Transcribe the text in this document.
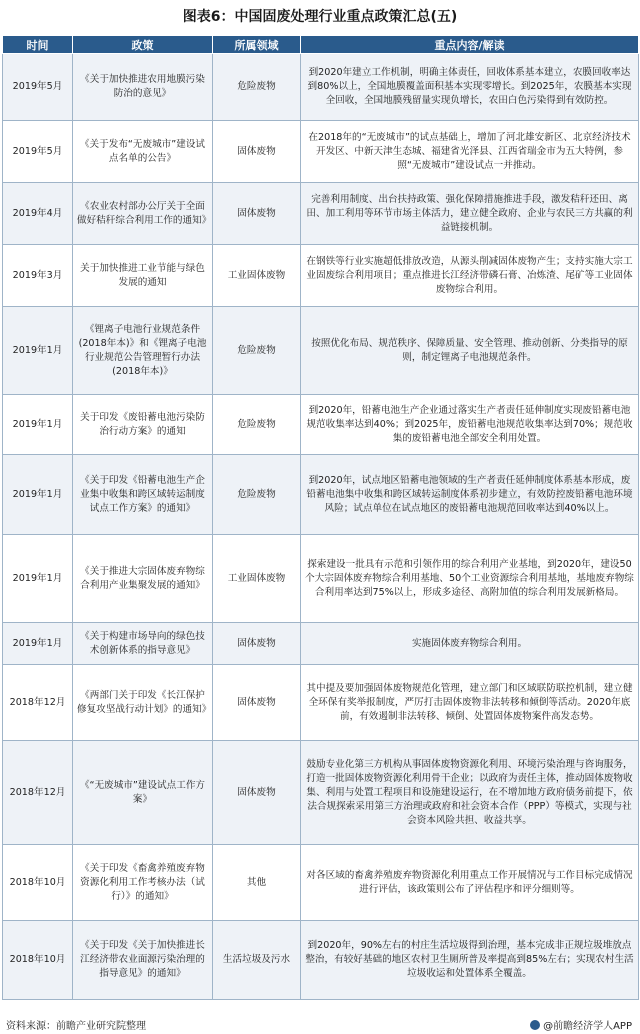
图表6：中国固废处理行业重点政策汇总(五)
时间	政策	所属领域	重点内容/解读
2019年5月	《关于加快推进农用地膜污染防治的意见》	危险废物	到2020年建立工作机制，明确主体责任，回收体系基本建立，农膜回收率达到80%以上，全国地膜覆盖面积基本实现零增长。到2025年，农膜基本实现全回收，全国地膜残留量实现负增长，农田白色污染得到有效防控。
2019年5月	《关于发布“无废城市”建设试点名单的公告》	固体废物	在2018年的“无废城市”的试点基础上，增加了河北雄安新区、北京经济技术开发区、中新天津生态城、福建省光泽县、江西省瑞金市为五大特例，参照“无废城市”建设试点一并推动。
2019年4月	《农业农村部办公厅关于全面做好秸秆综合利用工作的通知》	固体废物	完善利用制度、出台扶持政策、强化保障措施推进手段，激发秸秆还田、离田、加工利用等环节市场主体活力，建立健全政府、企业与农民三方共赢的利益链接机制。
2019年3月	关于加快推进工业节能与绿色发展的通知	工业固体废物	在钢铁等行业实施超低排放改造，从源头削减固体废物产生；支持实施大宗工业固废综合利用项目；重点推进长江经济带磷石膏、冶炼渣、尾矿等工业固体废物综合利用。
2019年1月	《锂离子电池行业规范条件(2018年本)》和《锂离子电池行业规范公告管理暂行办法(2018年本)》	危险废物	按照优化布局、规范秩序、保障质量、安全管理、推动创新、分类指导的原则，制定锂离子电池规范条件。
2019年1月	关于印发《废铅蓄电池污染防治行动方案》的通知	危险废物	到2020年，铅蓄电池生产企业通过落实生产者责任延伸制度实现废铅蓄电池规范收集率达到40%；到2025年，废铅蓄电池规范收集率达到70%；规范收集的废铅蓄电池全部安全利用处置。
2019年1月	《关于印发《铅蓄电池生产企业集中收集和跨区域转运制度试点工作方案》的通知》	危险废物	到2020年，试点地区铅蓄电池领域的生产者责任延伸制度体系基本形成，废铅蓄电池集中收集和跨区域转运制度体系初步建立，有效防控废铅蓄电池环境风险；试点单位在试点地区的废铅蓄电池规范回收率达到40%以上。
2019年1月	《关于推进大宗固体废弃物综合利用产业集聚发展的通知》	工业固体废物	探索建设一批具有示范和引领作用的综合利用产业基地，到2020年，建设50个大宗固体废弃物综合利用基地、50个工业资源综合利用基地，基地废弃物综合利用率达到75%以上，形成多途径、高附加值的综合利用发展新格局。
2019年1月	《关于构建市场导向的绿色技术创新体系的指导意见》	固体废物	实施固体废弃物综合利用。
2018年12月	《两部门关于印发《长江保护修复攻坚战行动计划》的通知》	固体废物	其中提及要加强固体废物规范化管理，建立部门和区域联防联控机制，建立健全环保有奖举报制度，严厉打击固体废物非法转移和倾倒等活动。2020年底前，有效遏制非法转移、倾倒、处置固体废物案件高发态势。
2018年12月	《“无废城市”建设试点工作方案》	固体废物	鼓励专业化第三方机构从事固体废物资源化利用、环境污染治理与咨询服务，打造一批固体废物资源化利用骨干企业；以政府为责任主体，推动固体废物收集、利用与处置工程项目和设施建设运行，在不增加地方政府债务前提下，依法合规探索采用第三方治理或政府和社会资本合作（PPP）等模式，实现与社会资本风险共担、收益共享。
2018年10月	《关于印发《畜禽养殖废弃物资源化利用工作考核办法（试行）》的通知》	其他	对各区域的畜禽养殖废弃物资源化利用重点工作开展情况与工作目标完成情况进行评估，该政策则公布了评估程序和评分细则等。
2018年10月	《关于印发《关于加快推进长江经济带农业面源污染治理的指导意见》的通知》	生活垃圾及污水	到2020年，90%左右的村庄生活垃圾得到治理，基本完成非正规垃圾堆放点整治，有较好基础的地区农村卫生厕所普及率提高到85%左右；实现农村生活垃圾收运和处置体系全覆盖。
资料来源：前瞻产业研究院整理	@前瞻经济学人APP
